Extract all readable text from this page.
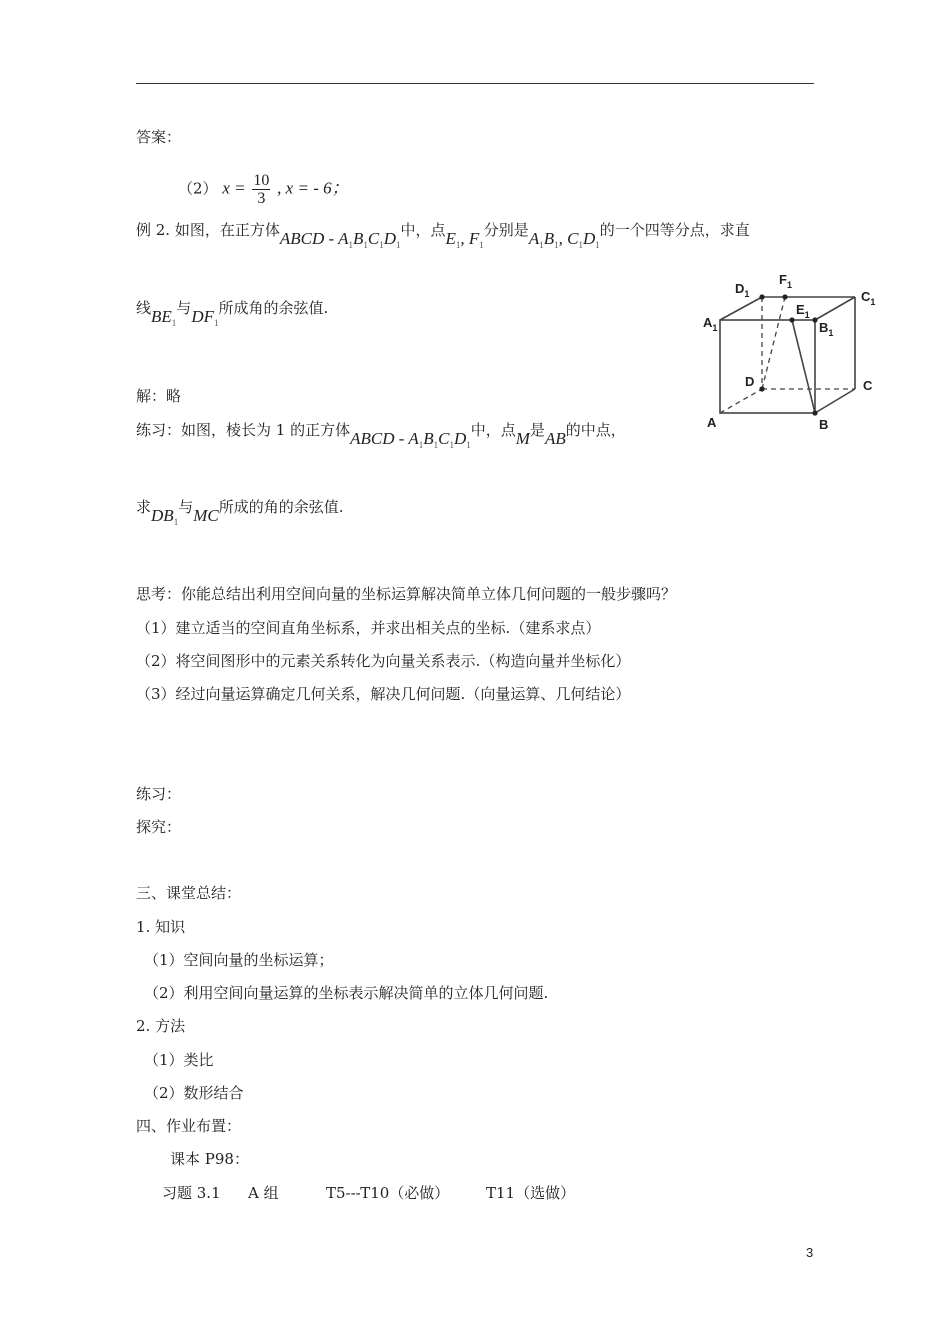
答案：
（2） $x = \frac{10}{3}$ , x = - 6；
例 2. 如图，在正方体ABCD - $A_1B_1C_1D_1$中，点$E_1$, $F_1$分别是$A_1B_1$, $C_1D_1$的一个四等分点，求直
线$BE_1$与$DF_1$所成角的余弦值.
解：略
练习：如图，棱长为 1 的正方体ABCD - $A_1B_1C_1D_1$中，点M是AB的中点，
求$DB_1$与MC所成的角的余弦值.
思考：你能总结出利用空间向量的坐标运算解决简单立体几何问题的一般步骤吗？
（1）建立适当的空间直角坐标系，并求出相关点的坐标.（建系求点）
（2）将空间图形中的元素关系转化为向量关系表示.（构造向量并坐标化）
（3）经过向量运算确定几何关系，解决几何问题.（向量运算、几何结论）
练习：
探究：
三、课堂总结：
1. 知识
（1）空间向量的坐标运算；
（2）利用空间向量运算的坐标表示解决简单的立体几何问题.
2. 方法
（1）类比
（2）数形结合
四、作业布置：
课本 P98：
习题 3.1 A 组	T5---T10（必做） T11（选做）
3
$D_1$
$F_1$
$C_1$
$A_1$
$E_1$
$B_1$
D	C
A	B
